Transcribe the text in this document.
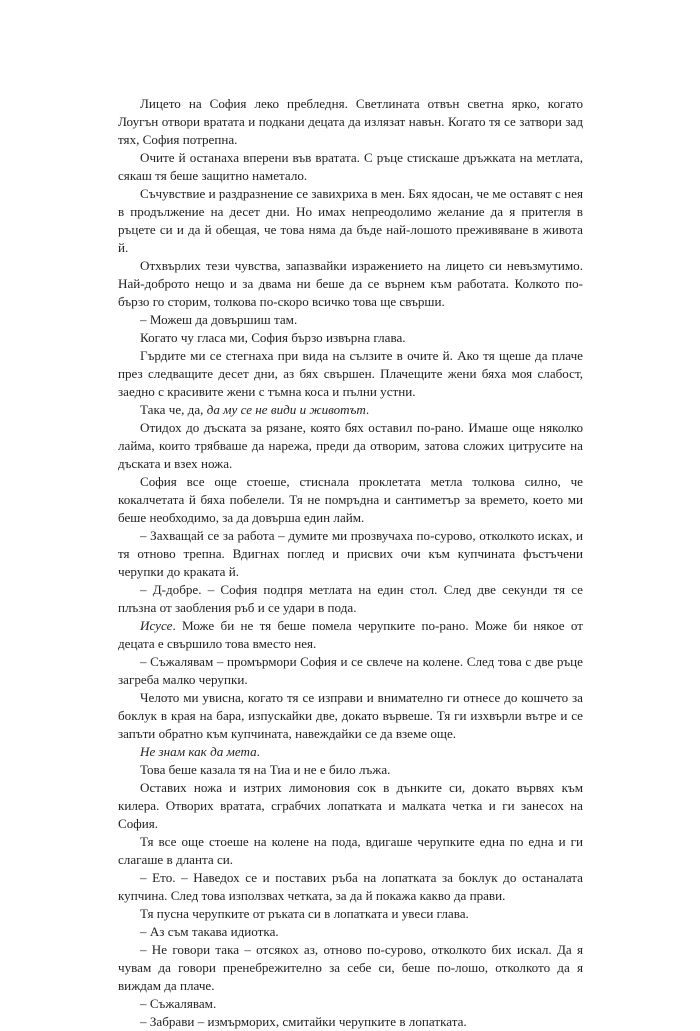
Лицето на София леко пребледня. Светлината отвън светна ярко, когато Лоугън отвори вратата и подкани децата да излязат навън. Когато тя се затвори зад тях, София потрепна.

Очите й останаха вперени във вратата. С ръце стискаше дръжката на метлата, сякаш тя беше защитно наметало.

Съчувствие и раздразнение се завихриха в мен. Бях ядосан, че ме оставят с нея в продължение на десет дни. Но имах непреодолимо желание да я притегля в ръцете си и да й обещая, че това няма да бъде най-лошото преживяване в живота й.

Отхвърлих тези чувства, запазвайки изражението на лицето си невъзмутимо. Най-доброто нещо и за двама ни беше да се върнем към работата. Колкото по-бързо го сторим, толкова по-скоро всичко това ще свърши.

– Можеш да довършиш там.

Когато чу гласа ми, София бързо извърна глава.

Гърдите ми се стегнаха при вида на сълзите в очите й. Ако тя щеше да плаче през следващите десет дни, аз бях свършен. Плачещите жени бяха моя слабост, заедно с красивите жени с тъмна коса и пълни устни.

Така че, да, да му се не види и животът.

Отидох до дъската за рязане, която бях оставил по-рано. Имаше още няколко лайма, които трябваше да нарежа, преди да отворим, затова сложих цитрусите на дъската и взех ножа.

София все още стоеше, стиснала проклетата метла толкова силно, че кокалчетата й бяха побелели. Тя не помръдна и сантиметър за времето, което ми беше необходимо, за да довърша един лайм.

– Захващай се за работа – думите ми прозвучаха по-сурово, отколкото исках, и тя отново трепна. Вдигнах поглед и присвих очи към купчината фъстъчени черупки до краката й.

– Д-добре. – София подпря метлата на един стол. След две секунди тя се плъзна от заобления ръб и се удари в пода.

Исусе. Може би не тя беше помела черупките по-рано. Може би някое от децата е свършило това вместо нея.

– Съжалявам – промърмори София и се свлече на колене. След това с две ръце загреба малко черупки.

Челото ми увисна, когато тя се изправи и внимателно ги отнесе до кошчето за боклук в края на бара, изпускайки две, докато вървеше. Тя ги изхвърли вътре и се запъти обратно към купчината, навеждайки се да вземе още.

Не знам как да мета.

Това беше казала тя на Тиа и не е било лъжа.

Оставих ножа и изтрих лимоновия сок в дънките си, докато вървях към килера. Отворих вратата, сграбчих лопатката и малката четка и ги занесох на София.

Тя все още стоеше на колене на пода, вдигаше черупките една по една и ги слагаше в дланта си.

– Ето. – Наведох се и поставих ръба на лопатката за боклук до останалата купчина. След това използвах четката, за да й покажа какво да прави.

Тя пусна черупките от ръката си в лопатката и увеси глава.

– Аз съм такава идиотка.

– Не говори така – отсякох аз, отново по-сурово, отколкото бих искал. Да я чувам да говори пренебрежително за себе си, беше по-лошо, отколкото да я виждам да плаче.

– Съжалявам.

– Забрави – измърморих, смитайки черупките в лопатката.
